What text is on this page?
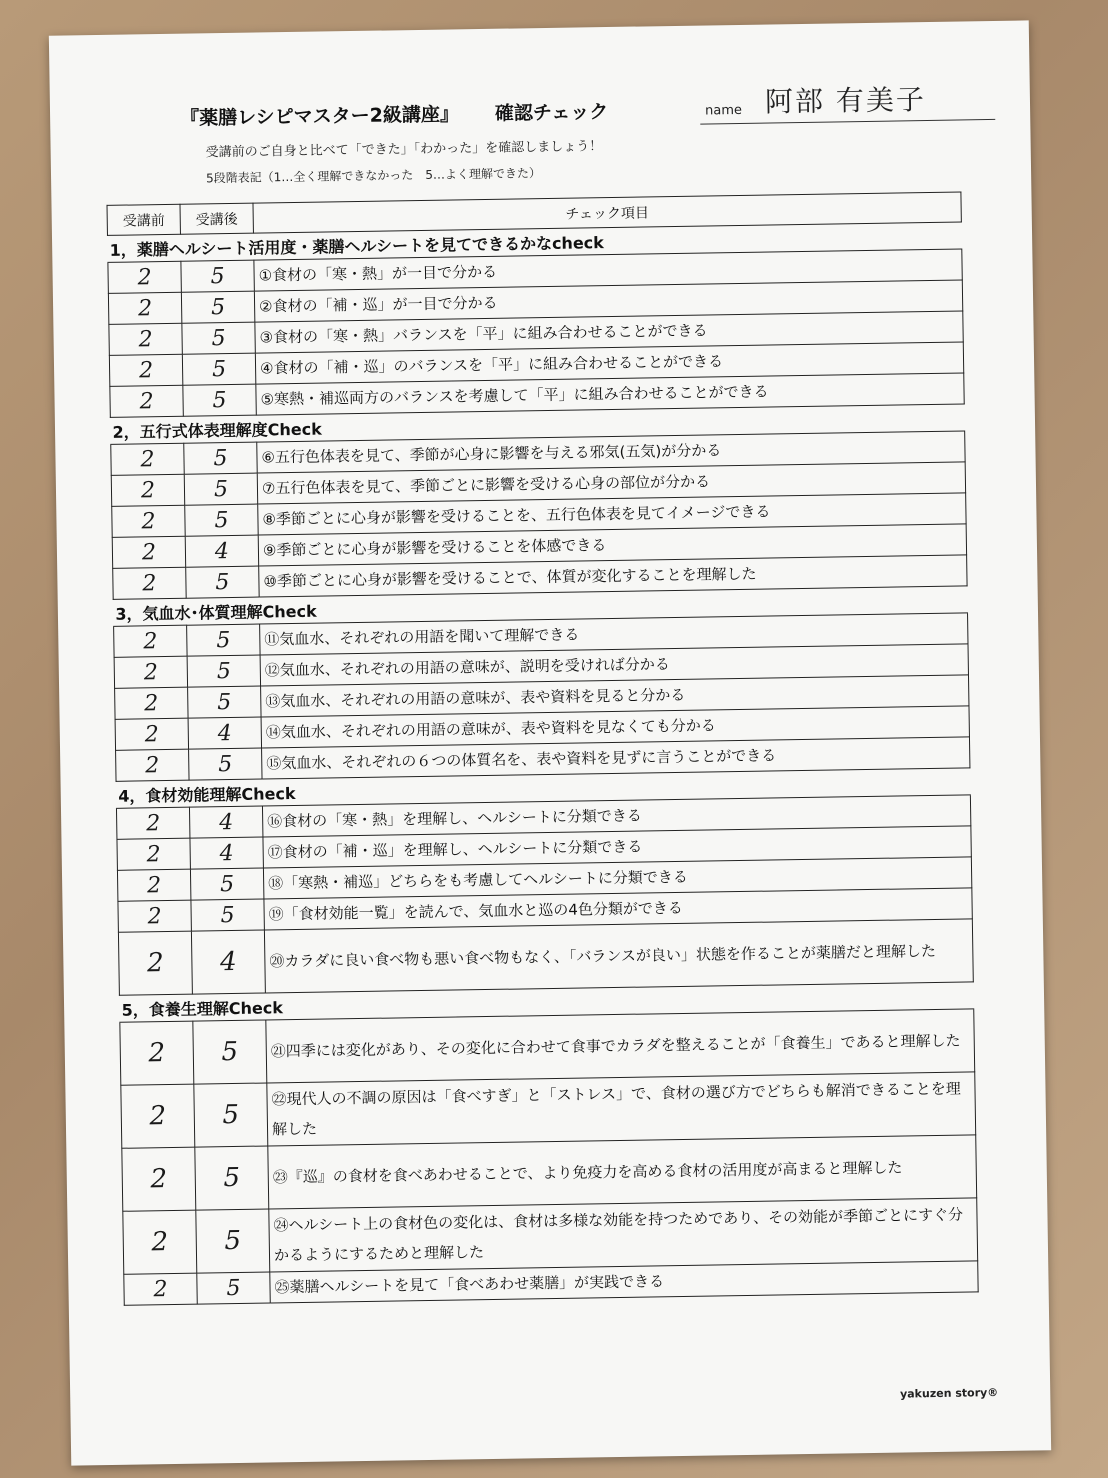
『薬膳レシピマスター2級講座』 確認チェック	name 阿部 有美子
受講前のご自身と比べて「できた」「わかった」を確認しましょう！
5段階表記（1…全く理解できなかった　5…よく理解できた）
受講前	受講後	チェック項目
1，薬膳ヘルシート活用度・薬膳ヘルシートを見てできるかなcheck		
2	5	①食材の「寒・熱」が一目で分かる
2	5	②食材の「補・巡」が一目で分かる
2	5	③食材の「寒・熱」バランスを「平」に組み合わせることができる
2	5	④食材の「補・巡」のバランスを「平」に組み合わせることができる
2	5	⑤寒熱・補巡両方のバランスを考慮して「平」に組み合わせることができる
2，五行式体表理解度Check		
2	5	⑥五行色体表を見て、季節が心身に影響を与える邪気(五気)が分かる
2	5	⑦五行色体表を見て、季節ごとに影響を受ける心身の部位が分かる
2	5	⑧季節ごとに心身が影響を受けることを、五行色体表を見てイメージできる
2	4	⑨季節ごとに心身が影響を受けることを体感できる
2	5	⑩季節ごとに心身が影響を受けることで、体質が変化することを理解した
3，気血水･体質理解Check		
2	5	⑪気血水、それぞれの用語を聞いて理解できる
2	5	⑫気血水、それぞれの用語の意味が、説明を受ければ分かる
2	5	⑬気血水、それぞれの用語の意味が、表や資料を見ると分かる
2	4	⑭気血水、それぞれの用語の意味が、表や資料を見なくても分かる
2	5	⑮気血水、それぞれの６つの体質名を、表や資料を見ずに言うことができる
4，食材効能理解Check		
2	4	⑯食材の「寒・熱」を理解し、ヘルシートに分類できる
2	4	⑰食材の「補・巡」を理解し、ヘルシートに分類できる
2	5	⑱「寒熱・補巡」どちらをも考慮してヘルシートに分類できる
2	5	⑲「食材効能一覧」を読んで、気血水と巡の4色分類ができる
2	4	⑳カラダに良い食べ物も悪い食べ物もなく、「バランスが良い」状態を作ることが薬膳だと理解した
5，食養生理解Check		
2	5	㉑四季には変化があり、その変化に合わせて食事でカラダを整えることが「食養生」であると理解した
2	5	㉒現代人の不調の原因は「食べすぎ」と「ストレス」で、食材の選び方でどちらも解消できることを理解した
2	5	㉓『巡』の食材を食べあわせることで、より免疫力を高める食材の活用度が高まると理解した
2	5	㉔ヘルシート上の食材色の変化は、食材は多様な効能を持つためであり、その効能が季節ごとにすぐ分かるようにするためと理解した
2	5	㉕薬膳ヘルシートを見て「食べあわせ薬膳」が実践できる
yakuzen story®
